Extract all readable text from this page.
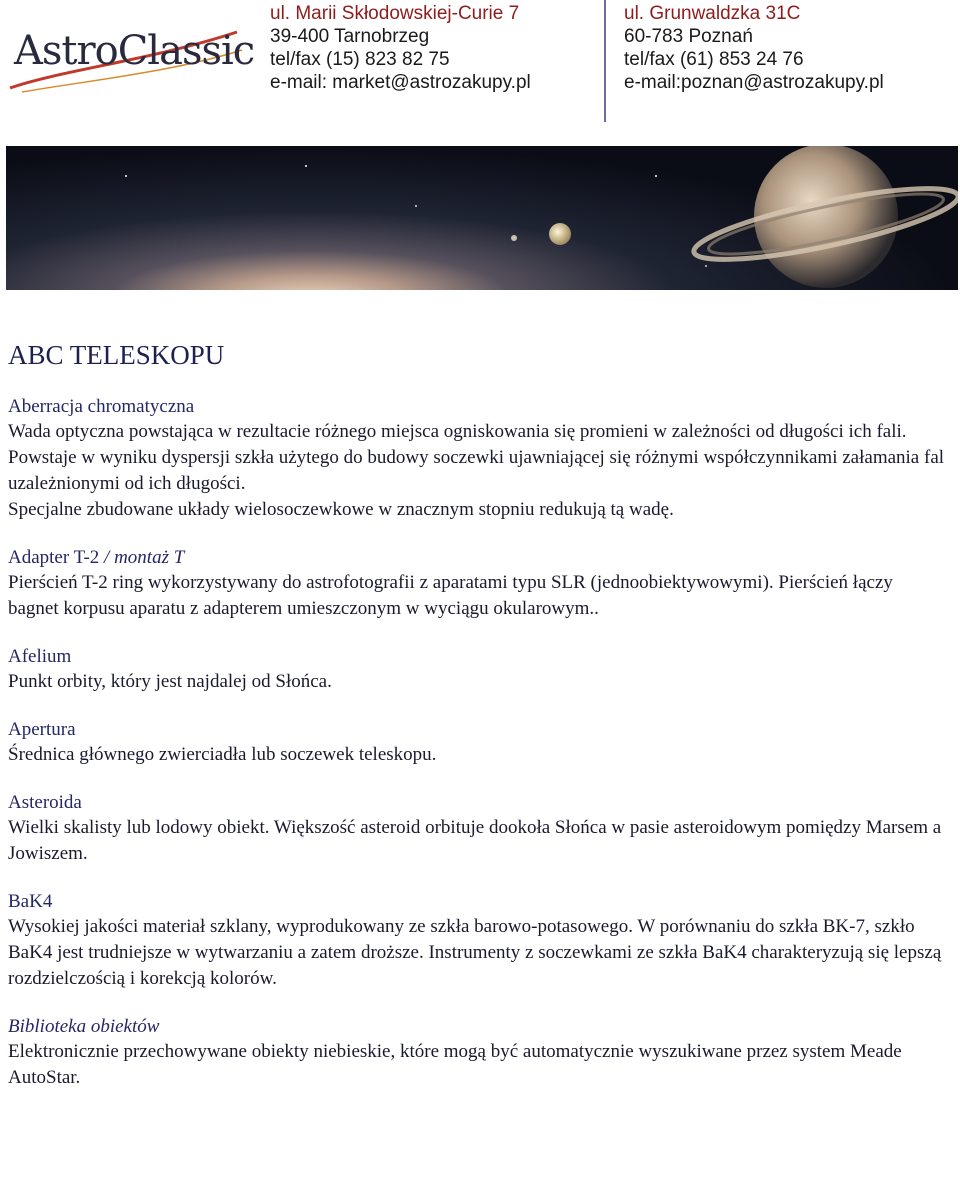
AstroClassic
ul. Marii Skłodowskiej-Curie 7
39-400 Tarnobrzeg
tel/fax (15) 823 82 75
e-mail: market@astrozakupy.pl
ul. Grunwaldzka 31C
60-783 Poznań
tel/fax (61) 853 24 76
e-mail:poznan@astrozakupy.pl
ABC TELESKOPU
Aberracja chromatyczna

Wada optyczna powstająca w rezultacie różnego miejsca ogniskowania się promieni w zależności od długości ich fali. Powstaje w wyniku dyspersji szkła użytego do budowy soczewki ujawniającej się różnymi współczynnikami załamania fal uzależnionymi od ich długości.

Specjalne zbudowane układy wielosoczewkowe w znacznym stopniu redukują tą wadę.

Adapter T-2 / montaż T

Pierścień T-2 ring wykorzystywany do astrofotografii z aparatami typu SLR (jednoobiektywowymi). Pierścień łączy bagnet korpusu aparatu z adapterem umieszczonym w wyciągu okularowym..

Afelium

Punkt orbity, który jest najdalej od Słońca.

Apertura

Średnica głównego zwierciadła lub soczewek teleskopu.

Asteroida

Wielki skalisty lub lodowy obiekt. Większość asteroid orbituje dookoła Słońca w pasie asteroidowym pomiędzy Marsem a Jowiszem.

BaK4

Wysokiej jakości materiał szklany, wyprodukowany ze szkła barowo-potasowego. W porównaniu do szkła BK-7, szkło BaK4 jest trudniejsze w wytwarzaniu a zatem droższe. Instrumenty z soczewkami ze szkła BaK4 charakteryzują się lepszą rozdzielczością i korekcją kolorów.

Biblioteka obiektów

Elektronicznie przechowywane obiekty niebieskie, które mogą być automatycznie wyszukiwane przez system Meade AutoStar.
